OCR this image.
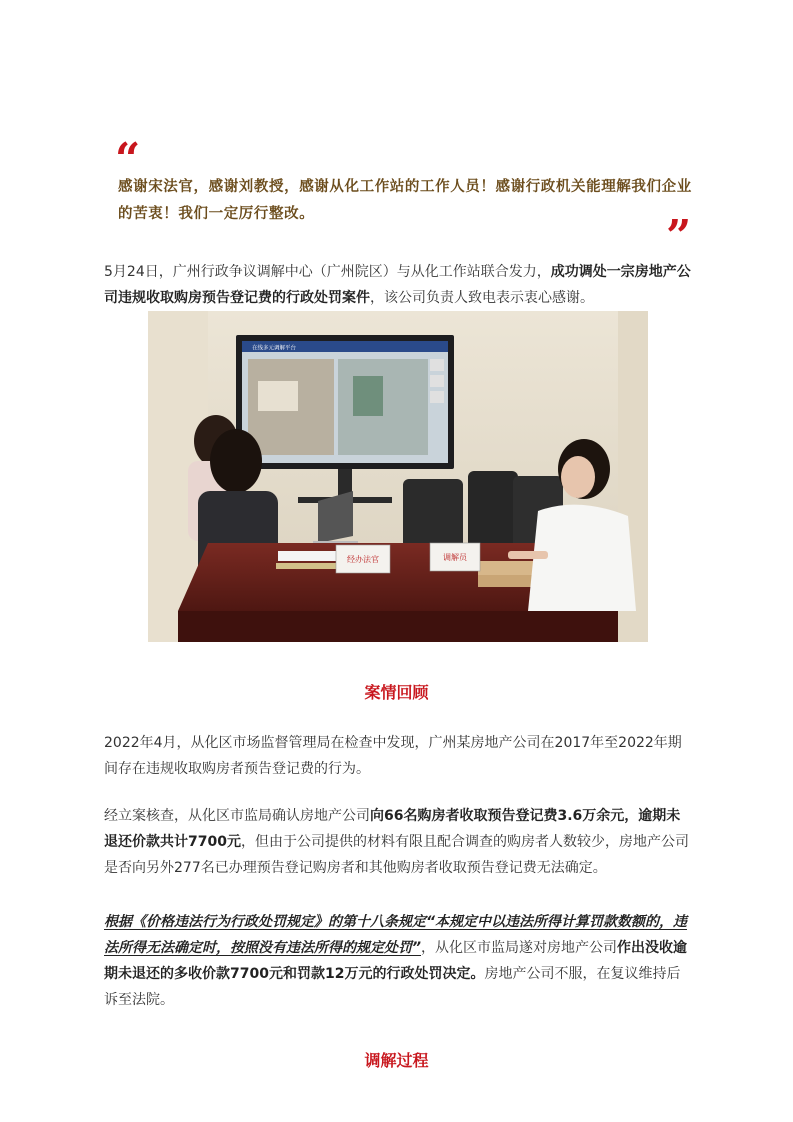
“
感谢宋法官，感谢刘教授，感谢从化工作站的工作人员！感谢行政机关能理解我们企业的苦衷！我们一定厉行整改。	”

5月24日，广州行政争议调解中心（广州院区）与从化工作站联合发力，成功调处一宗房地产公司违规收取购房预告登记费的行政处罚案件，该公司负责人致电表示衷心感谢。

在线多元调解平台
经办法官	调解员
案情回顾

2022年4月，从化区市场监督管理局在检查中发现，广州某房地产公司在2017年至2022年期间存在违规收取购房者预告登记费的行为。

经立案核查，从化区市监局确认房地产公司向66名购房者收取预告登记费3.6万余元，逾期未退还价款共计7700元，但由于公司提供的材料有限且配合调查的购房者人数较少，房地产公司是否向另外277名已办理预告登记购房者和其他购房者收取预告登记费无法确定。

根据《价格违法行为行政处罚规定》的第十八条规定“本规定中以违法所得计算罚款数额的，违法所得无法确定时，按照没有违法所得的规定处罚”，从化区市监局遂对房地产公司作出没收逾期未退还的多收价款7700元和罚款12万元的行政处罚决定。房地产公司不服，在复议维持后诉至法院。

调解过程
